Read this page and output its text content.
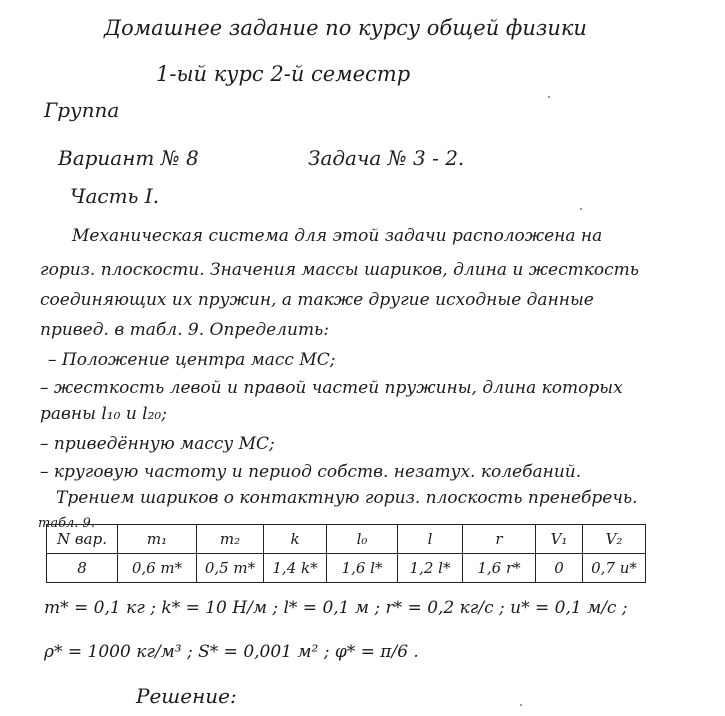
Домашнее задание по курсу общей физики
1-ый курс 2-й семестр
Группа
Вариант № 8	Задача № 3 - 2.
Часть I.
Механическая система для этой задачи расположена на
гориз. плоскости. Значения массы шариков, длина и жесткость
соединяющих их пружин, а также другие исходные данные
привед. в табл. 9. Определить:
– Положение центра масс МС;
– жесткость левой и правой частей пружины, длина которых
равны l₁₀ и l₂₀;
– приведённую массу МС;
– круговую частоту и период собств. незатух. колебаний.
Трением шариков о контактную гориз. плоскость пренебречь.
табл. 9.
N вар.	m₁	m₂	k	l₀	l	r	V₁	V₂
8	0,6 m*	0,5 m*	1,4 k*	1,6 l*	1,2 l*	1,6 r*	0	0,7 u*
m* = 0,1 кг ; k* = 10 Н/м ; l* = 0,1 м ; r* = 0,2 кг/с ; u* = 0,1 м/с ;
ρ* = 1000 кг/м³ ; S* = 0,001 м² ; φ* = π/6 .
Решение:
